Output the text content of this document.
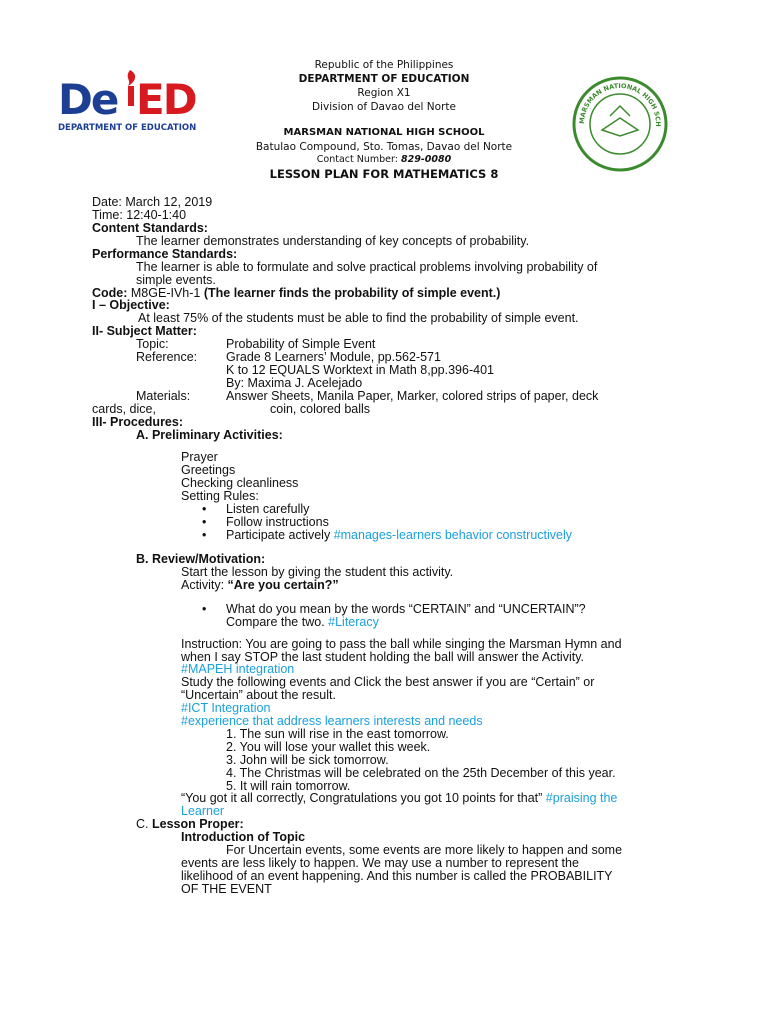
De ED
DEPARTMENT OF EDUCATION
MARSMAN NATIONAL HIGH SCH
Republic of the Philippines
DEPARTMENT OF EDUCATION
Region X1
Division of Davao del Norte
MARSMAN NATIONAL HIGH SCHOOL
Batulao Compound, Sto. Tomas, Davao del Norte
Contact Number: 829-0080
LESSON PLAN FOR MATHEMATICS 8
Date: March 12, 2019
Time: 12:40-1:40
Content Standards:
The learner demonstrates understanding of key concepts of probability.
Performance Standards:
The learner is able to formulate and solve practical problems involving probability of
simple events.
Code: M8GE-IVh-1 (The learner finds the probability of simple event.)
I – Objective:
At least 75% of the students must be able to find the probability of simple event.
II- Subject Matter:
Topic:	Probability of Simple Event
Reference: Grade 8 Learners’ Module, pp.562-571
K to 12 EQUALS Worktext in Math 8,pp.396-401
By: Maxima J. Acelejado
Materials:	Answer Sheets, Manila Paper, Marker, colored strips of paper, deck
cards, dice,	coin, colored balls
III- Procedures:
A. Preliminary Activities:
Prayer
Greetings
Checking cleanliness
Setting Rules:
• Listen carefully
• Follow instructions
• Participate actively #manages-learners behavior constructively
B. Review/Motivation:
Start the lesson by giving the student this activity.
Activity: “Are you certain?”
• What do you mean by the words “CERTAIN” and “UNCERTAIN”?
Compare the two. #Literacy
Instruction: You are going to pass the ball while singing the Marsman Hymn and
when I say STOP the last student holding the ball will answer the Activity.
#MAPEH integration
Study the following events and Click the best answer if you are “Certain” or
“Uncertain” about the result.
#ICT Integration
#experience that address learners interests and needs
1. The sun will rise in the east tomorrow.
2. You will lose your wallet this week.
3. John will be sick tomorrow.
4. The Christmas will be celebrated on the 25th December of this year.
5. It will rain tomorrow.
“You got it all correctly, Congratulations you got 10 points for that” #praising the
Learner
C. Lesson Proper:
Introduction of Topic
For Uncertain events, some events are more likely to happen and some
events are less likely to happen. We may use a number to represent the
likelihood of an event happening. And this number is called the PROBABILITY
OF THE EVENT
